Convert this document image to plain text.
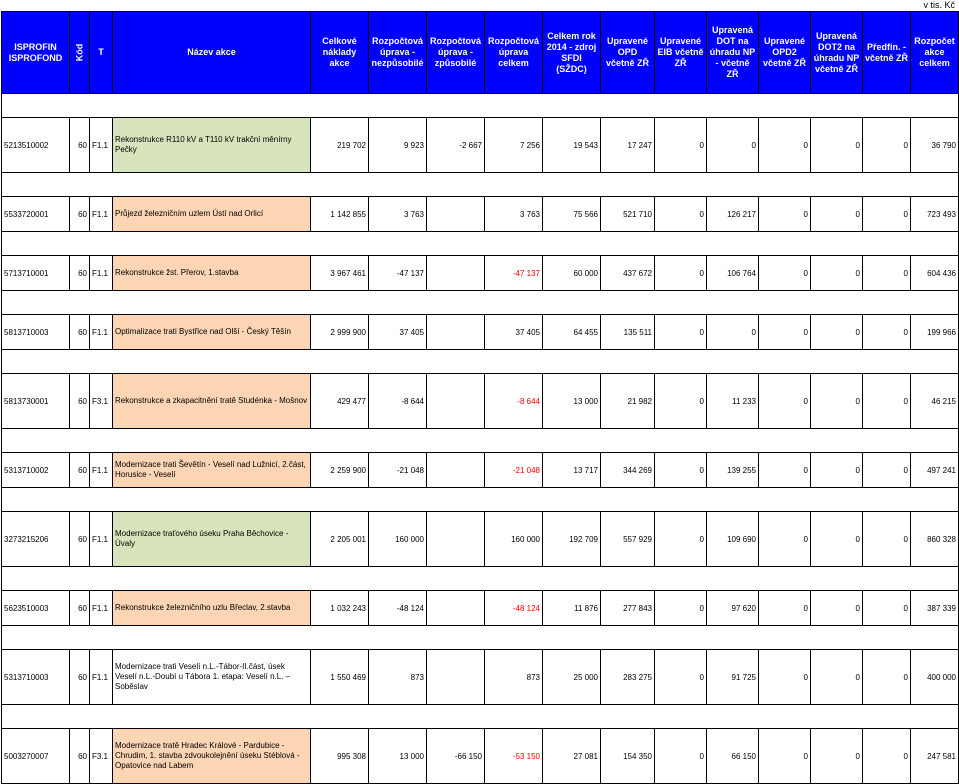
v tis. Kč
ISPROFIN ISPROFOND	Kód	T	Název akce	Celkové náklady akce	Rozpočtová úprava - nezpůsobilé	Rozpočtová úprava - způsobilé	Rozpočtová úprava celkem	Celkem rok 2014 - zdroj SFDI (SŽDC)	Upravené OPD včetně ZŘ	Upravené EIB včetně ZŘ	Upravená DOT na úhradu NP - včetně ZŘ	Upravené OPD2 včetně ZŘ	Upravená DOT2 na úhradu NP včetně ZŘ	Předfin. - včetně ZŘ	Rozpočet akce celkem

5213510002	60	F1.1	Rekonstrukce R110 kV a T110 kV trakční měnírny Pečky	219 702	9 923	-2 667	7 256	19 543	17 247	0	0	0	0	0	36 790

5533720001	60	F1.1	Průjezd železničním uzlem Ústí nad Orlicí	1 142 855	3 763		3 763	75 566	521 710	0	126 217	0	0	0	723 493

5713710001	60	F1.1	Rekonstrukce žst. Přerov, 1.stavba	3 967 461	-47 137		-47 137	60 000	437 672	0	106 764	0	0	0	604 436

5813710003	60	F1.1	Optimalizace trati Bystřice nad Olší - Český Těšín	2 999 900	37 405		37 405	64 455	135 511	0	0	0	0	0	199 966

5813730001	60	F3.1	Rekonstrukce a zkapacitnění tratě Studénka - Mošnov	429 477	-8 644		-8 644	13 000	21 982	0	11 233	0	0	0	46 215

5313710002	60	F1.1	Modernizace trati Ševětín - Veselí nad Lužnicí, 2.část, Horusice - Veselí	2 259 900	-21 048		-21 048	13 717	344 269	0	139 255	0	0	0	497 241

3273215206	60	F1.1	Modernizace traťového úseku Praha Běchovice - Úvaly	2 205 001	160 000		160 000	192 709	557 929	0	109 690	0	0	0	860 328

5623510003	60	F1.1	Rekonstrukce železničního uzlu Břeclav, 2.stavba	1 032 243	-48 124		-48 124	11 876	277 843	0	97 620	0	0	0	387 339

5313710003	60	F1.1	Modernizace trati Veselí n.L.-Tábor-II.část, úsek Veselí n.L.-Doubí u Tábora 1. etapa: Veselí n.L. – Soběslav	1 550 469	873		873	25 000	283 275	0	91 725	0	0	0	400 000

5003270007	60	F3.1	Modernizace tratě Hradec Králové - Pardubice - Chrudim, 1. stavba zdvoukolejnění úseku Stéblová - Opatovice nad Labem	995 308	13 000	-66 150	-53 150	27 081	154 350	0	66 150	0	0	0	247 581
